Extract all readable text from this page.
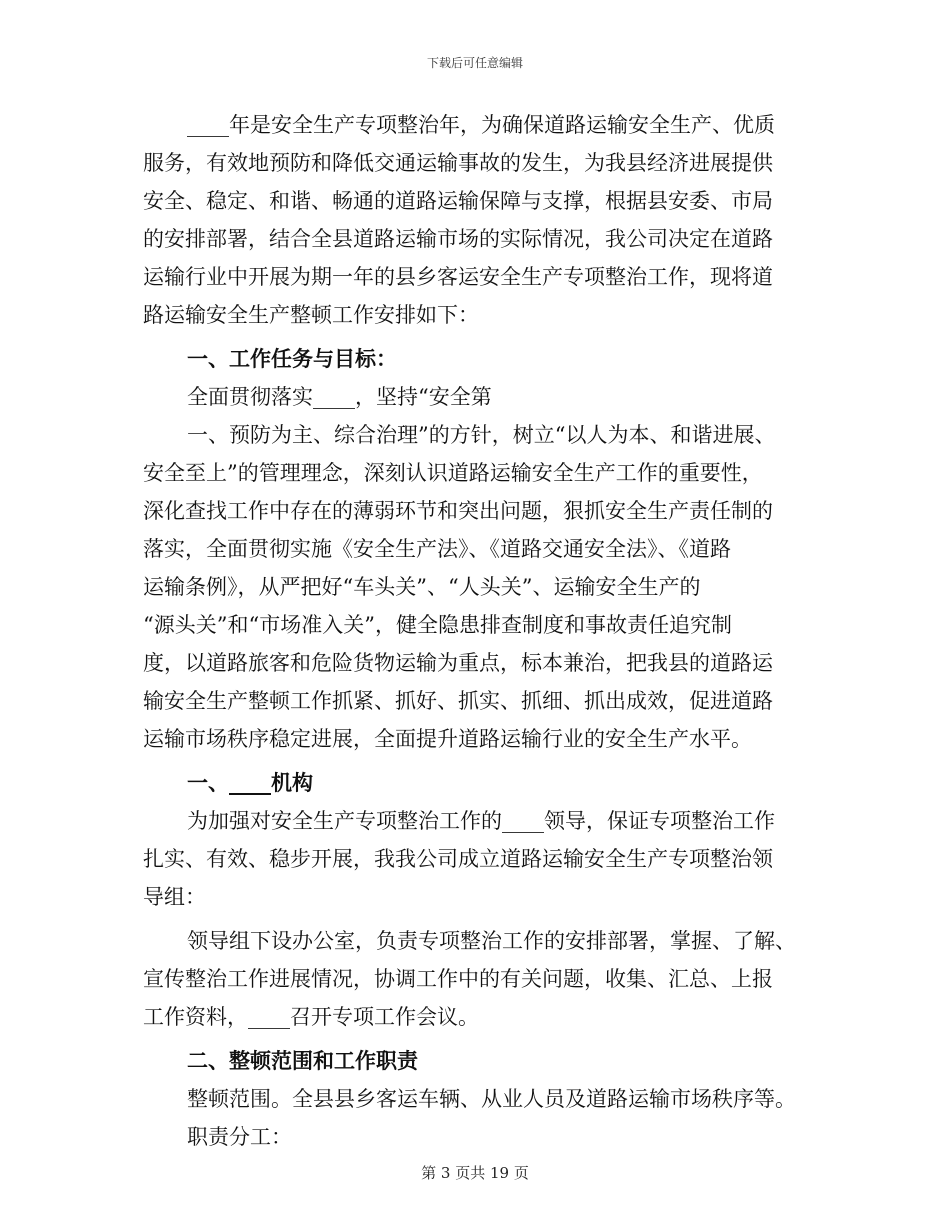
下载后可任意编辑
____年是安全生产专项整治年，为确保道路运输安全生产、优质
服务，有效地预防和降低交通运输事故的发生，为我县经济进展提供
安全、稳定、和谐、畅通的道路运输保障与支撑，根据县安委、市局
的安排部署，结合全县道路运输市场的实际情况，我公司决定在道路
运输行业中开展为期一年的县乡客运安全生产专项整治工作，现将道
路运输安全生产整顿工作安排如下：
一、工作任务与目标：
全面贯彻落实____，坚持“安全第
一、预防为主、综合治理”的方针，树立“以人为本、和谐进展、
安全至上”的管理理念，深刻认识道路运输安全生产工作的重要性，
深化查找工作中存在的薄弱环节和突出问题，狠抓安全生产责任制的
落实，全面贯彻实施《安全生产法》、《道路交通安全法》、《道路
运输条例》，从严把好“车头关”、“人头关”、运输安全生产的
“源头关”和“市场准入关”，健全隐患排查制度和事故责任追究制
度，以道路旅客和危险货物运输为重点，标本兼治，把我县的道路运
输安全生产整顿工作抓紧、抓好、抓实、抓细、抓出成效，促进道路
运输市场秩序稳定进展，全面提升道路运输行业的安全生产水平。
一、____机构
为加强对安全生产专项整治工作的____领导，保证专项整治工作
扎实、有效、稳步开展，我我公司成立道路运输安全生产专项整治领
导组：
领导组下设办公室，负责专项整治工作的安排部署，掌握、了解、
宣传整治工作进展情况，协调工作中的有关问题，收集、汇总、上报
工作资料，____召开专项工作会议。
二、整顿范围和工作职责
整顿范围。全县县乡客运车辆、从业人员及道路运输市场秩序等。
职责分工：
第 3 页共 19 页
